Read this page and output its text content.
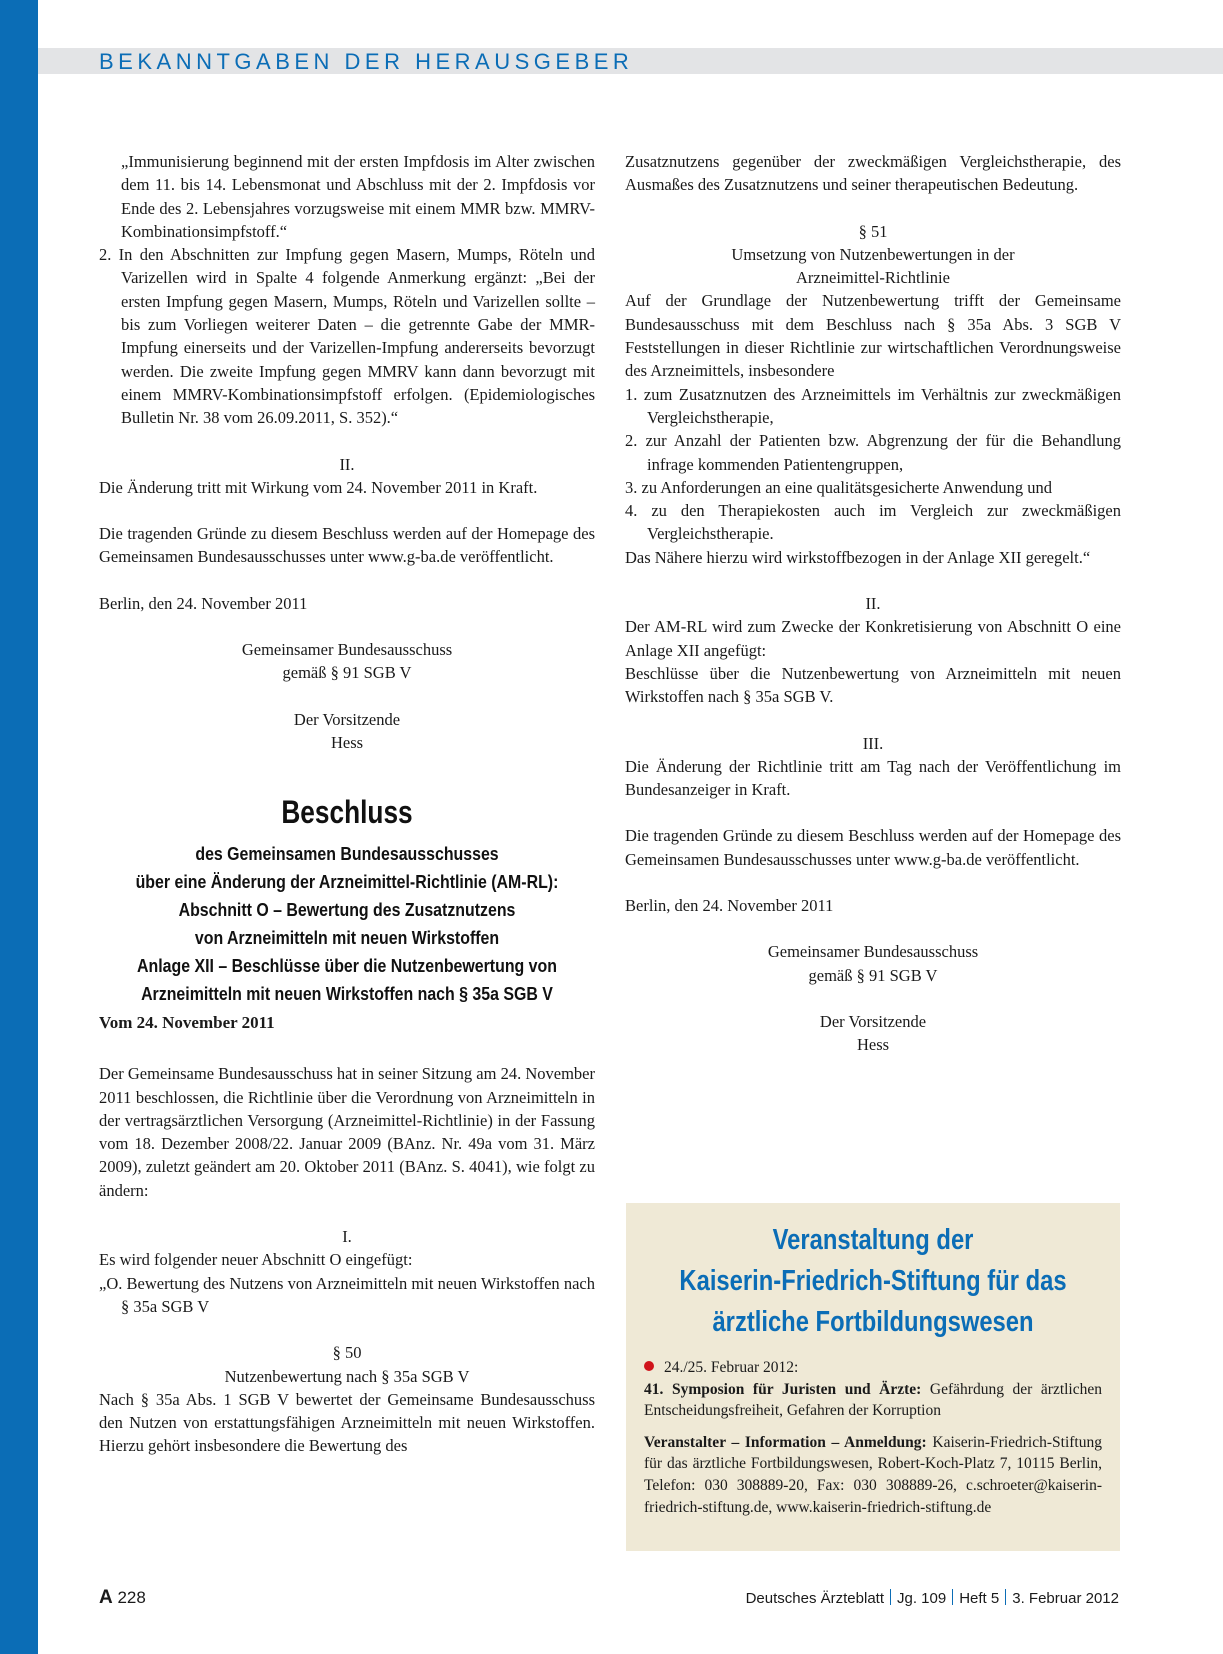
BEKANNTGABEN DER HERAUSGEBER

„Immunisierung beginnend mit der ersten Impfdosis im Alter zwischen dem 11. bis 14. Lebensmonat und Abschluss mit der 2. Impfdosis vor Ende des 2. Lebensjahres vorzugsweise mit einem MMR bzw. MMRV-Kombinationsimpfstoff.“

2. In den Abschnitten zur Impfung gegen Masern, Mumps, Röteln und Varizellen wird in Spalte 4 folgende Anmerkung ergänzt: „Bei der ersten Impfung gegen Masern, Mumps, Röteln und Varizellen sollte –bis zum Vorliegen weiterer Daten – die getrennte Gabe der MMR-Impfung einerseits und der Varizellen-Impfung andererseits bevorzugt werden. Die zweite Impfung gegen MMRV kann dann bevorzugt mit einem MMRV-Kombinationsimpfstoff erfolgen. (Epidemiologisches Bulletin Nr. 38 vom 26.09.2011, S. 352).“

II.

Die Änderung tritt mit Wirkung vom 24. November 2011 in Kraft.

Die tragenden Gründe zu diesem Beschluss werden auf der Homepage des Gemeinsamen Bundesausschusses unter www.g-ba.de veröffentlicht.

Berlin, den 24. November 2011

Gemeinsamer Bundesausschuss

gemäß § 91 SGB V

Der Vorsitzende

Hess

Beschluss
des Gemeinsamen Bundesausschusses
über eine Änderung der Arzneimittel-Richtlinie (AM-RL):
Abschnitt O – Bewertung des Zusatznutzens
von Arzneimitteln mit neuen Wirkstoffen
Anlage XII – Beschlüsse über die Nutzenbewertung von
Arzneimitteln mit neuen Wirkstoffen nach § 35a SGB V

Vom 24. November 2011

Der Gemeinsame Bundesausschuss hat in seiner Sitzung am 24. November 2011 beschlossen, die Richtlinie über die Verordnung von Arzneimitteln in der vertragsärztlichen Versorgung (Arzneimittel-Richtlinie) in der Fassung vom 18. Dezember 2008/22. Januar 2009 (BAnz. Nr. 49a vom 31. März 2009), zuletzt geändert am 20. Oktober 2011 (BAnz. S. 4041), wie folgt zu ändern:

I.

Es wird folgender neuer Abschnitt O eingefügt:

„O. Bewertung des Nutzens von Arzneimitteln mit neuen Wirkstoffen nach § 35a SGB V

§ 50

Nutzenbewertung nach § 35a SGB V

Nach § 35a Abs. 1 SGB V bewertet der Gemeinsame Bundesausschuss den Nutzen von erstattungsfähigen Arzneimitteln mit neuen Wirkstoffen. Hierzu gehört insbesondere die Bewertung des

Zusatznutzens gegenüber der zweckmäßigen Vergleichstherapie, des Ausmaßes des Zusatznutzens und seiner therapeutischen Bedeutung.

§ 51

Umsetzung von Nutzenbewertungen in der

Arzneimittel-Richtlinie

Auf der Grundlage der Nutzenbewertung trifft der Gemeinsame Bundesausschuss mit dem Beschluss nach § 35a Abs. 3 SGB V Feststellungen in dieser Richtlinie zur wirtschaftlichen Verordnungsweise des Arzneimittels, insbesondere

1. zum Zusatznutzen des Arzneimittels im Verhältnis zur zweckmäßigen Vergleichstherapie,

2. zur Anzahl der Patienten bzw. Abgrenzung der für die Behandlung infrage kommenden Patientengruppen,

3. zu Anforderungen an eine qualitätsgesicherte Anwendung und

4. zu den Therapiekosten auch im Vergleich zur zweckmäßigen Vergleichstherapie.

Das Nähere hierzu wird wirkstoffbezogen in der Anlage XII geregelt.“

II.

Der AM-RL wird zum Zwecke der Konkretisierung von Abschnitt O eine Anlage XII angefügt:

Beschlüsse über die Nutzenbewertung von Arzneimitteln mit neuen Wirkstoffen nach § 35a SGB V.

III.

Die Änderung der Richtlinie tritt am Tag nach der Veröffentlichung im Bundesanzeiger in Kraft.

Die tragenden Gründe zu diesem Beschluss werden auf der Homepage des Gemeinsamen Bundesausschusses unter www.g-ba.de veröffentlicht.

Berlin, den 24. November 2011

Gemeinsamer Bundesausschuss

gemäß § 91 SGB V

Der Vorsitzende

Hess

Veranstaltung der
Kaiserin-Friedrich-Stiftung für das
ärztliche Fortbildungswesen

24./25. Februar 2012:

41. Symposion für Juristen und Ärzte: Gefährdung der ärztlichen Entscheidungsfreiheit, Gefahren der Korruption

Veranstalter – Information – Anmeldung: Kaiserin-Friedrich-Stiftung für das ärztliche Fortbildungswesen, Robert-Koch-Platz 7, 10115 Berlin, Telefon: 030 308889-20, Fax: 030 308889-26, c.schroeter@kaiserin-friedrich-stiftung.de, www.kaiserin-friedrich-stiftung.de

A 228	Deutsches Ärzteblatt Jg. 109 Heft 5 3. Februar 2012
